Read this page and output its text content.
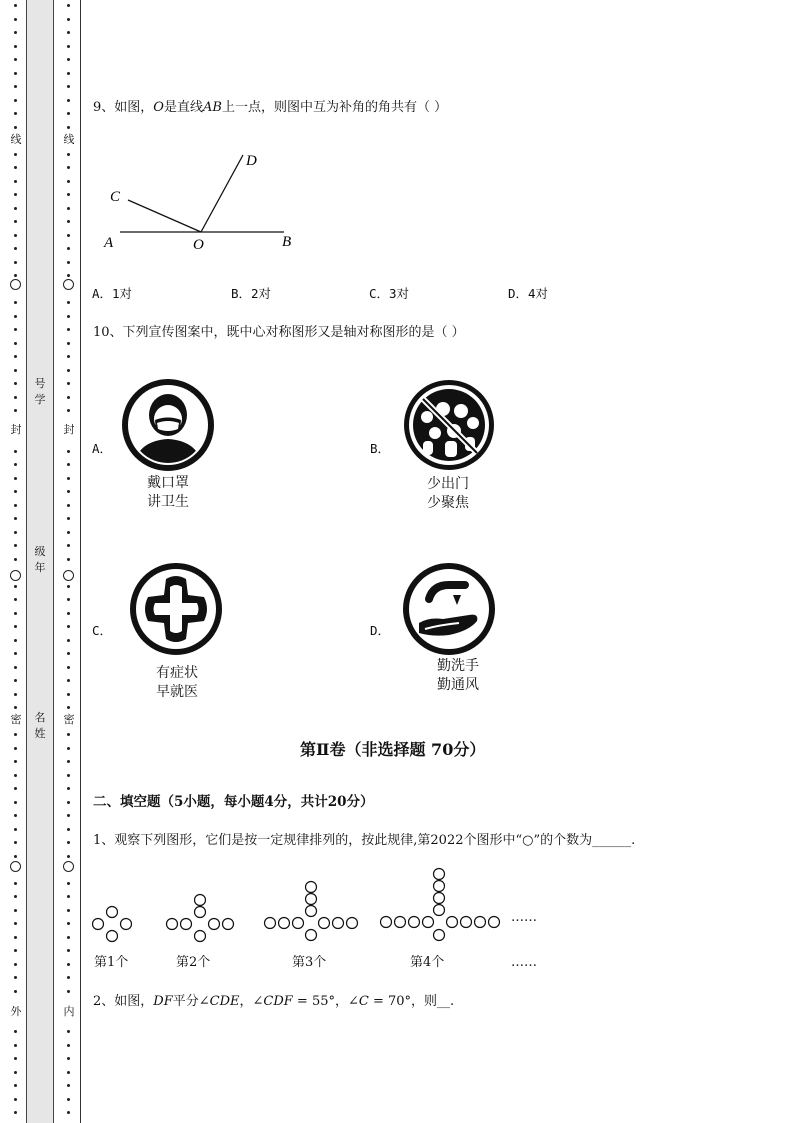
线
封
密
外
线
封
密
内
号
学
级
年
名
姓
9、如图，O是直线AB上一点，则图中互为补角的角共有（ ）
A	B
C
D
O
A．1对	B．2对	C．3对	D．4对
10、下列宣传图案中，既中心对称图形又是轴对称图形的是（ ）
A．
戴口罩
讲卫生
B．
少出门
少聚焦
C．
有症状
早就医
D．
勤洗手
勤通风
第Ⅱ卷（非选择题 70分）
二、填空题（5小题，每小题4分，共计20分）
1、观察下列图形，它们是按一定规律排列的，按此规律,第2022个图形中“○”的个数为______.
……
第1个	第2个	第3个	第4个	……
2、如图，DF平分∠CDE，∠CDF = 55°，∠C = 70°，则__.
